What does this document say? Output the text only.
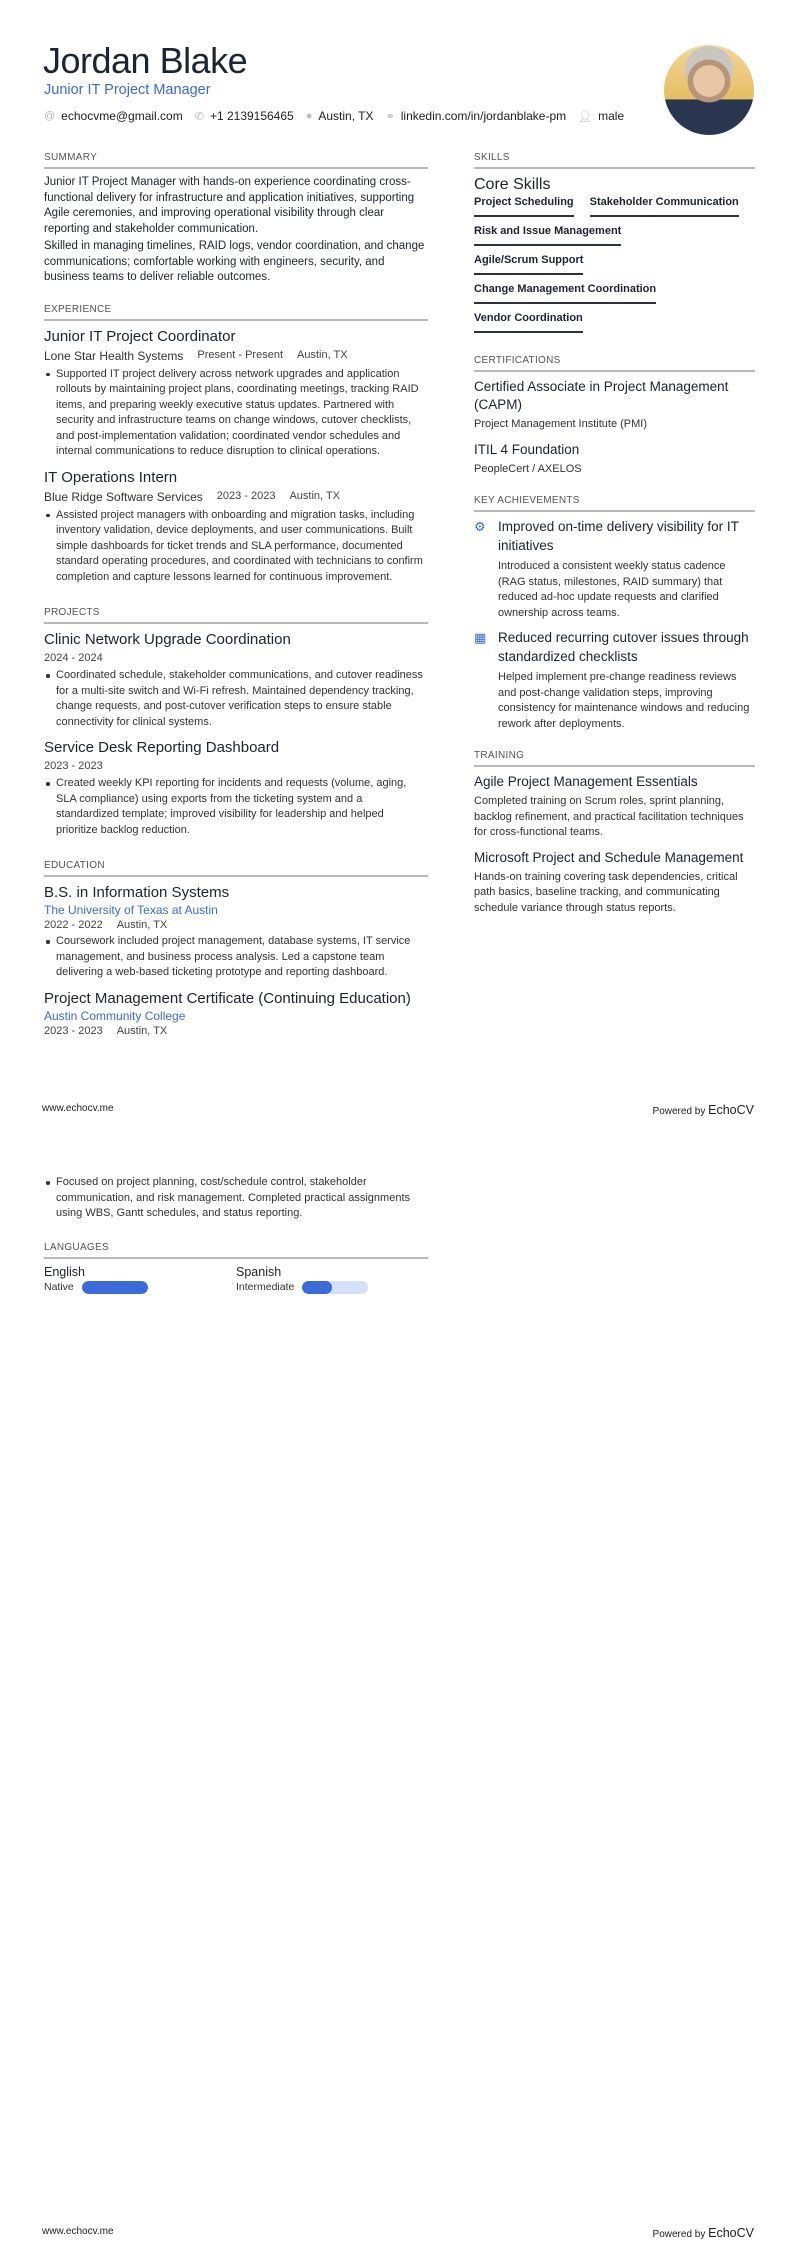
Jordan Blake
Junior IT Project Manager
@ echocvme@gmail.com ✆ +1 2139156465 ● Austin, TX ⚭ linkedin.com/in/jordanblake-pm 👤︎ male
SUMMARY

Junior IT Project Manager with hands-on experience coordinating cross-functional delivery for infrastructure and application initiatives, supporting Agile ceremonies, and improving operational visibility through clear reporting and stakeholder communication.

Skilled in managing timelines, RAID logs, vendor coordination, and change communications; comfortable working with engineers, security, and business teams to deliver reliable outcomes.

EXPERIENCE
Junior IT Project Coordinator
Lone Star Health Systems Present - Present Austin, TX
Supported IT project delivery across network upgrades and application rollouts by maintaining project plans, coordinating meetings, tracking RAID items, and preparing weekly executive status updates. Partnered with security and infrastructure teams on change windows, cutover checklists, and post-implementation validation; coordinated vendor schedules and internal communications to reduce disruption to clinical operations.
IT Operations Intern
Blue Ridge Software Services 2023 - 2023 Austin, TX
Assisted project managers with onboarding and migration tasks, including inventory validation, device deployments, and user communications. Built simple dashboards for ticket trends and SLA performance, documented standard operating procedures, and coordinated with technicians to confirm completion and capture lessons learned for continuous improvement.
PROJECTS
Clinic Network Upgrade Coordination
2024 - 2024
Coordinated schedule, stakeholder communications, and cutover readiness for a multi-site switch and Wi-Fi refresh. Maintained dependency tracking, change requests, and post-cutover verification steps to ensure stable connectivity for clinical systems.
Service Desk Reporting Dashboard
2023 - 2023
Created weekly KPI reporting for incidents and requests (volume, aging, SLA compliance) using exports from the ticketing system and a standardized template; improved visibility for leadership and helped prioritize backlog reduction.
EDUCATION
B.S. in Information Systems
The University of Texas at Austin
2022 - 2022 Austin, TX
Coursework included project management, database systems, IT service management, and business process analysis. Led a capstone team delivering a web-based ticketing prototype and reporting dashboard.
Project Management Certificate (Continuing Education)
Austin Community College
2023 - 2023 Austin, TX
SKILLS
Core Skills
Project Scheduling Stakeholder Communication
Risk and Issue Management
Agile/Scrum Support
Change Management Coordination
Vendor Coordination
CERTIFICATIONS
Certified Associate in Project Management (CAPM)
Project Management Institute (PMI)
ITIL 4 Foundation
PeopleCert / AXELOS
KEY ACHIEVEMENTS
⚙ Improved on-time delivery visibility for IT initiatives
Introduced a consistent weekly status cadence (RAG status, milestones, RAID summary) that reduced ad-hoc update requests and clarified ownership across teams.
▦ Reduced recurring cutover issues through standardized checklists
Helped implement pre-change readiness reviews and post-change validation steps, improving consistency for maintenance windows and reducing rework after deployments.
TRAINING
Agile Project Management Essentials
Completed training on Scrum roles, sprint planning, backlog refinement, and practical facilitation techniques for cross-functional teams.
Microsoft Project and Schedule Management
Hands-on training covering task dependencies, critical path basics, baseline tracking, and communicating schedule variance through status reports.
www.echocv.me	Powered by EchoCV
Focused on project planning, cost/schedule control, stakeholder communication, and risk management. Completed practical assignments using WBS, Gantt schedules, and status reporting.
LANGUAGES
English
Native
Spanish
Intermediate
www.echocv.me	Powered by EchoCV
